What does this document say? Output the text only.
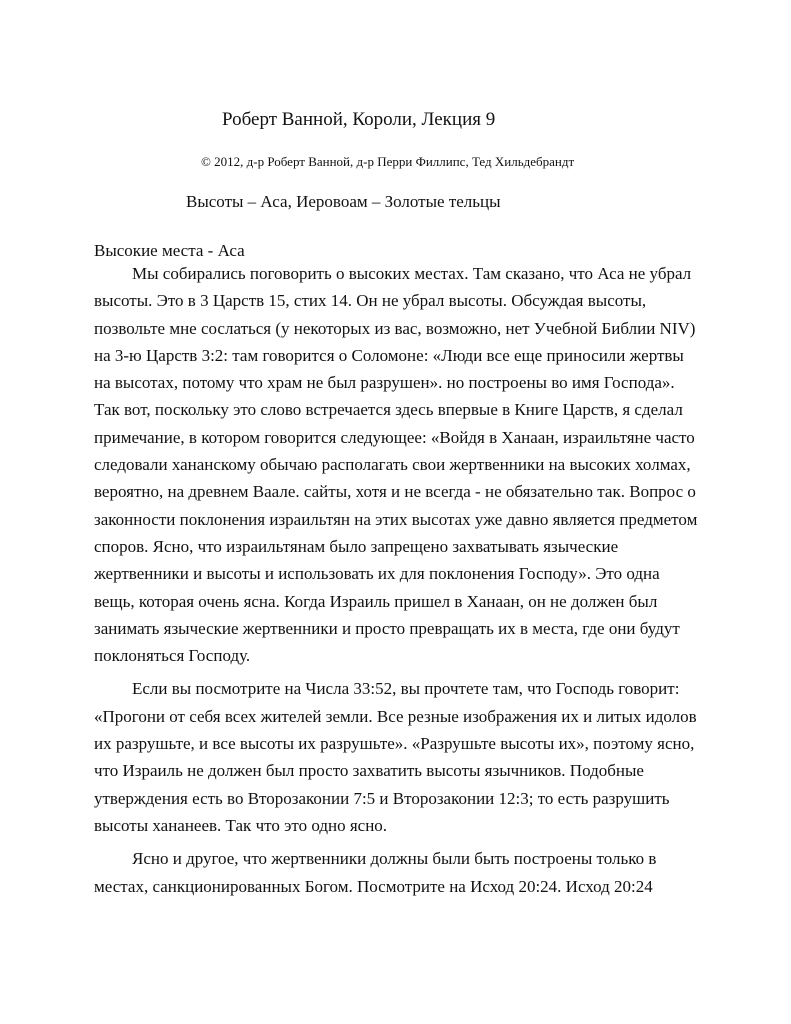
Роберт Ванной, Короли, Лекция 9
© 2012, д-р Роберт Ванной, д-р Перри Филлипс, Тед Хильдебрандт
Высоты – Аса, Иеровоам – Золотые тельцы
Высокие места - Аса
Мы собирались поговорить о высоких местах. Там сказано, что Аса не убрал
высоты. Это в 3 Царств 15, стих 14. Он не убрал высоты. Обсуждая высоты,
позвольте мне сослаться (у некоторых из вас, возможно, нет Учебной Библии NIV)
на 3-ю Царств 3:2: там говорится о Соломоне: «Люди все еще приносили жертвы
на высотах, потому что храм не был разрушен». но построены во имя Господа».
Так вот, поскольку это слово встречается здесь впервые в Книге Царств, я сделал
примечание, в котором говорится следующее: «Войдя в Ханаан, израильтяне часто
следовали хананскому обычаю располагать свои жертвенники на высоких холмах,
вероятно, на древнем Ваале. сайты, хотя и не всегда - не обязательно так. Вопрос о
законности поклонения израильтян на этих высотах уже давно является предметом
споров. Ясно, что израильтянам было запрещено захватывать языческие
жертвенники и высоты и использовать их для поклонения Господу». Это одна
вещь, которая очень ясна. Когда Израиль пришел в Ханаан, он не должен был
занимать языческие жертвенники и просто превращать их в места, где они будут
поклоняться Господу.
Если вы посмотрите на Числа 33:52, вы прочтете там, что Господь говорит:
«Прогони от себя всех жителей земли. Все резные изображения их и литых идолов
их разрушьте, и все высоты их разрушьте». «Разрушьте высоты их», поэтому ясно,
что Израиль не должен был просто захватить высоты язычников. Подобные
утверждения есть во Второзаконии 7:5 и Второзаконии 12:3; то есть разрушить
высоты хананеев. Так что это одно ясно.
Ясно и другое, что жертвенники должны были быть построены только в
местах, санкционированных Богом. Посмотрите на Исход 20:24. Исход 20:24
